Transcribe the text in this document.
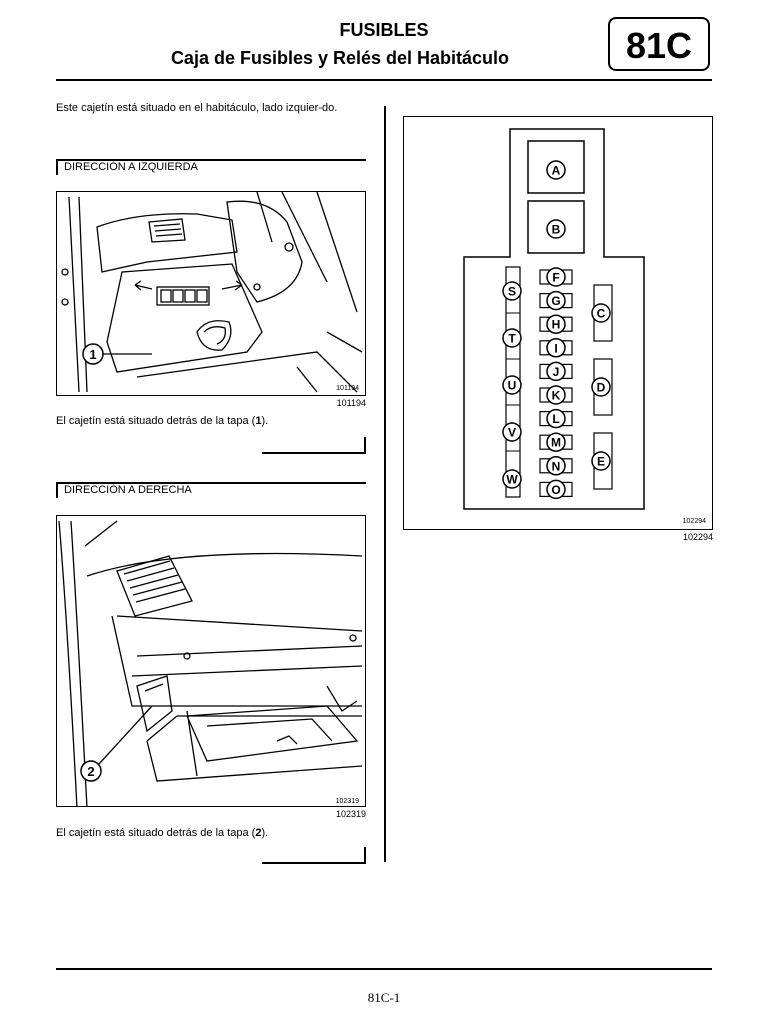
FUSIBLES
Caja de Fusibles y Relés del Habitáculo	81C
Este cajetín está situado en el habitáculo, lado izquier-do.
DIRECCIÓN A IZQUIERDA
1
101194
101194
El cajetín está situado detrás de la tapa (1).
DIRECCIÓN A DERECHA
2
102319
102319
El cajetín está situado detrás de la tapa (2).
A
B
S
T
U
V
W
F
G
H
I
J
K
L
M
N
O
C
D
E
102294
102294
81C-1
